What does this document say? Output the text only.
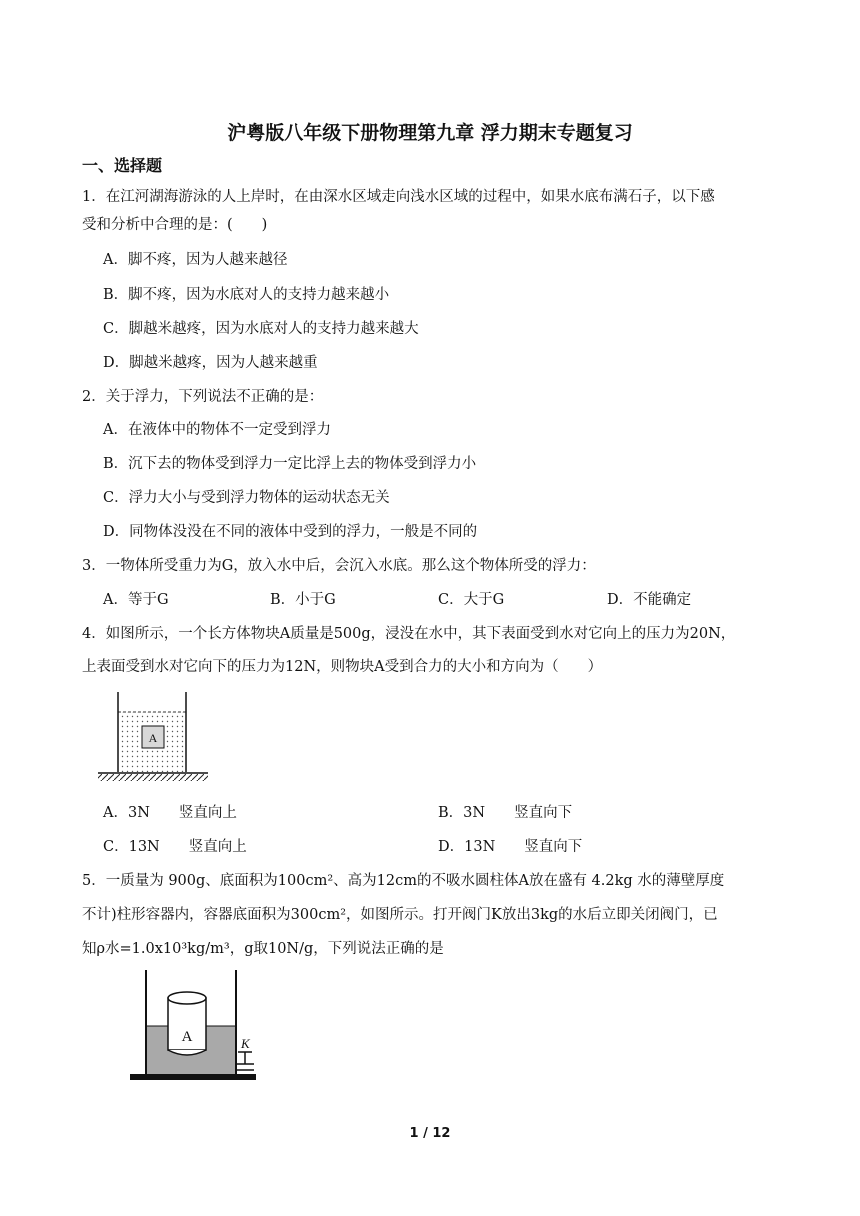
沪粤版八年级下册物理第九章 浮力期末专题复习
一、选择题
1．在江河湖海游泳的人上岸时，在由深水区域走向浅水区域的过程中，如果水底布满石子，以下感
受和分析中合理的是：(　　)
A．脚不疼，因为人越来越径
B．脚不疼，因为水底对人的支持力越来越小
C．脚越米越疼，因为水底对人的支持力越来越大
D．脚越米越疼，因为人越来越重
2．关于浮力，下列说法不正确的是：
A．在液体中的物体不一定受到浮力
B．沉下去的物体受到浮力一定比浮上去的物体受到浮力小
C．浮力大小与受到浮力物体的运动状态无关
D．同物体没没在不同的液体中受到的浮力，一般是不同的
3．一物体所受重力为G，放入水中后，会沉入水底。那么这个物体所受的浮力：
A．等于G	B．小于G	C．大于G	D．不能确定
4．如图所示，一个长方体物块A质量是500g，浸没在水中，其下表面受到水对它向上的压力为20N，
上表面受到水对它向下的压力为12N，则物块A受到合力的大小和方向为（　　）
A
A．3N　　竖直向上	B．3N　　竖直向下
C．13N　　竖直向上	D．13N　　竖直向下
5．一质量为 900g、底面积为100cm²、高为12cm的不吸水圆柱体A放在盛有 4.2kg 水的薄壁厚度
不计)柱形容器内，容器底面积为300cm²，如图所示。打开阀门K放出3kg的水后立即关闭阀门，已
知ρ水=1.0x10³kg/m³，g取10N/g，下列说法正确的是
A	K
1 / 12
